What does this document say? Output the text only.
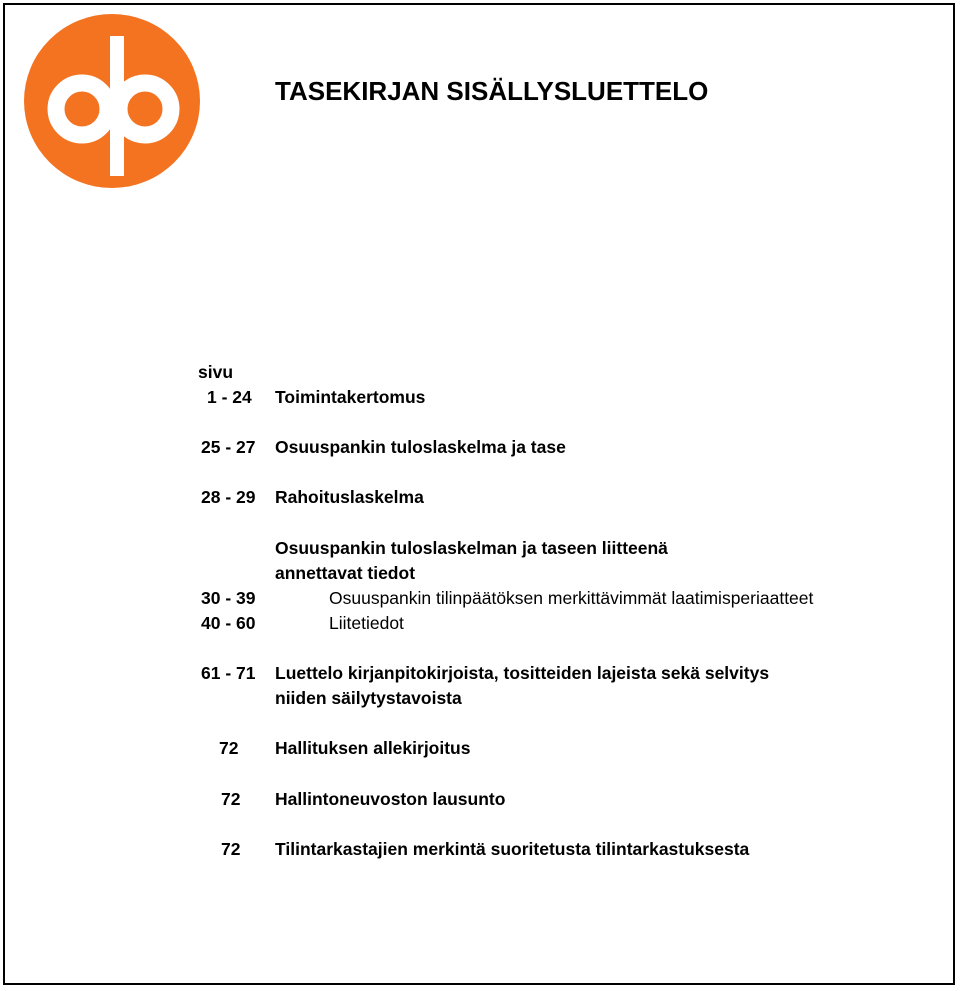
TASEKIRJAN SISÄLLYSLUETTELO
sivu
1 - 24 Toimintakertomus
25 - 27 Osuuspankin tuloslaskelma ja tase
28 - 29 Rahoituslaskelma
Osuuspankin tuloslaskelman ja taseen liitteenä
annettavat tiedot
30 - 39	Osuuspankin tilinpäätöksen merkittävimmät laatimisperiaatteet
40 - 60	Liitetiedot
61 - 71 Luettelo kirjanpitokirjoista, tositteiden lajeista sekä selvitys
niiden säilytystavoista
72 Hallituksen allekirjoitus
72 Hallintoneuvoston lausunto
72 Tilintarkastajien merkintä suoritetusta tilintarkastuksesta
